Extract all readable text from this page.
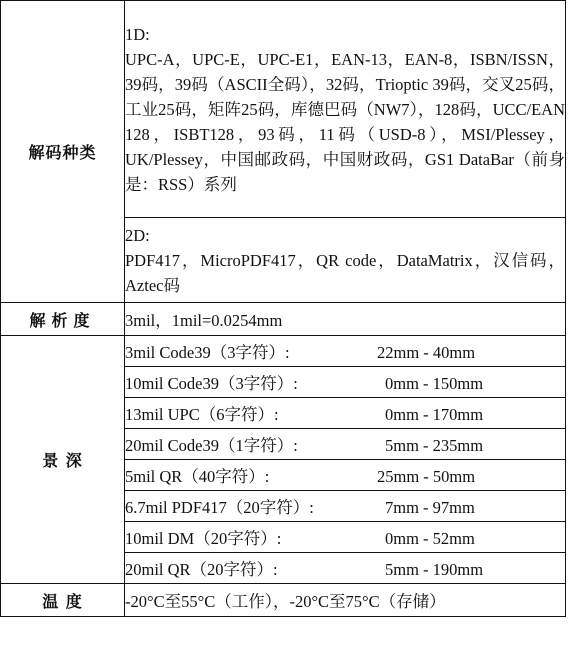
解码种类	1D:
UPC-A，UPC-E，UPC-E1，EAN-13，EAN-8，ISBN/ISSN，39码，39码（ASCII全码），32码，Trioptic 39码，交叉25码，工业25码，矩阵25码，库德巴码（NW7），128码，UCC/EAN 128，ISBT128，93码，11码（USD-8），MSI/Plessey，UK/Plessey，中国邮政码，中国财政码，GS1 DataBar（前身是：RSS）系列

	2D:
PDF417，MicroPDF417，QR code，DataMatrix，汉信码，Aztec码

解析度	3mil，1mil=0.0254mm
景 深	3mil Code39（3字符）: 22mm - 40mm
	10mil Code39（3字符）: 0mm - 150mm
	13mil UPC（6字符）: 0mm - 170mm
	20mil Code39（1字符）: 5mm - 235mm
	5mil QR（40字符）: 25mm - 50mm
	6.7mil PDF417（20字符）: 7mm - 97mm
	10mil DM（20字符）: 0mm - 52mm
	20mil QR（20字符）: 5mm - 190mm
温 度	-20°C至55°C（工作），-20°C至75°C（存储）
